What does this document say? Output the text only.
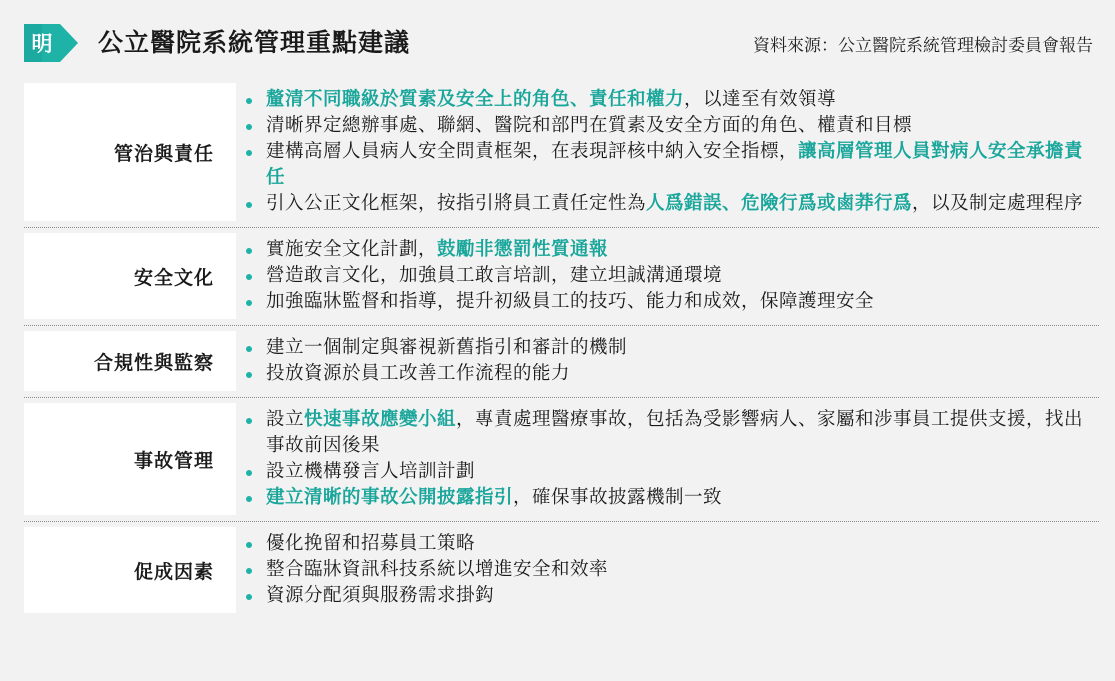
明 公立醫院系統管理重點建議	資料來源：公立醫院系統管理檢討委員會報告
管治與責任
釐清不同職級於質素及安全上的角色、責任和權力，以達至有效領導
清晰界定總辦事處、聯網、醫院和部門在質素及安全方面的角色、權責和目標
建構高層人員病人安全問責框架，在表現評核中納入安全指標，讓高層管理人員對病人安全承擔責任
引入公正文化框架，按指引將員工責任定性為人爲錯誤、危險行爲或鹵莽行爲，以及制定處理程序
安全文化
實施安全文化計劃，鼓勵非懲罰性質通報
營造敢言文化，加強員工敢言培訓，建立坦誠溝通環境
加強臨牀監督和指導，提升初級員工的技巧、能力和成效，保障護理安全
合規性與監察
建立一個制定與審視新舊指引和審計的機制
投放資源於員工改善工作流程的能力
事故管理
設立快速事故應變小組，專責處理醫療事故，包括為受影響病人、家屬和涉事員工提供支援，找出事故前因後果
設立機構發言人培訓計劃
建立清晰的事故公開披露指引，確保事故披露機制一致
促成因素
優化挽留和招募員工策略
整合臨牀資訊科技系統以增進安全和效率
資源分配須與服務需求掛鈎
